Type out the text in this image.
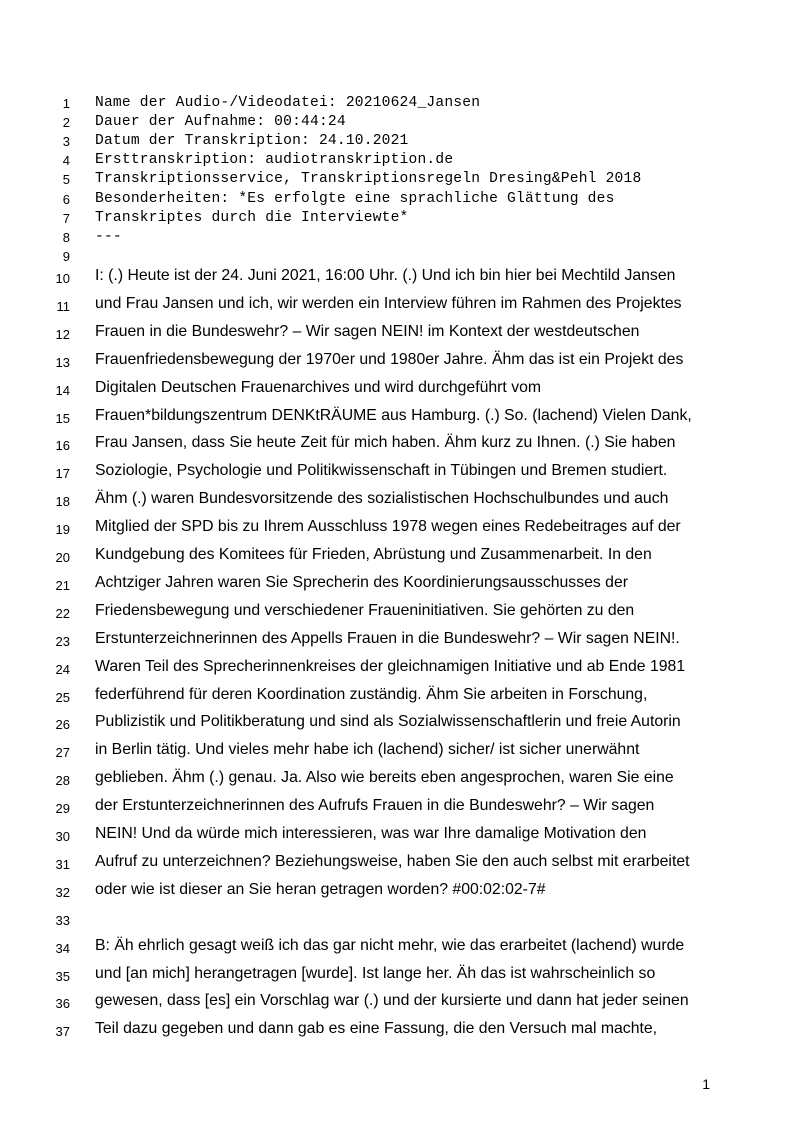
1 Name der Audio-/Videodatei: 20210624_Jansen
2 Dauer der Aufnahme: 00:44:24
3 Datum der Transkription: 24.10.2021
4 Ersttranskription: audiotranskription.de
5 Transkriptionsservice, Transkriptionsregeln Dresing&Pehl 2018
6 Besonderheiten: *Es erfolgte eine sprachliche Glättung des
7 Transkriptes durch die Interviewte*
8 ---
9
10 I: (.) Heute ist der 24. Juni 2021, 16:00 Uhr. (.) Und ich bin hier bei Mechtild Jansen
11 und Frau Jansen und ich, wir werden ein Interview führen im Rahmen des Projektes
12 Frauen in die Bundeswehr? – Wir sagen NEIN! im Kontext der westdeutschen
13 Frauenfriedensbewegung der 1970er und 1980er Jahre. Ähm das ist ein Projekt des
14 Digitalen Deutschen Frauenarchives und wird durchgeführt vom
15 Frauen*bildungszentrum DENKtRÄUME aus Hamburg. (.) So. (lachend) Vielen Dank,
16 Frau Jansen, dass Sie heute Zeit für mich haben. Ähm kurz zu Ihnen. (.) Sie haben
17 Soziologie, Psychologie und Politikwissenschaft in Tübingen und Bremen studiert.
18 Ähm (.) waren Bundesvorsitzende des sozialistischen Hochschulbundes und auch
19 Mitglied der SPD bis zu Ihrem Ausschluss 1978 wegen eines Redebeitrages auf der
20 Kundgebung des Komitees für Frieden, Abrüstung und Zusammenarbeit. In den
21 Achtziger Jahren waren Sie Sprecherin des Koordinierungsausschusses der
22 Friedensbewegung und verschiedener Fraueninitiativen. Sie gehörten zu den
23 Erstunterzeichnerinnen des Appells Frauen in die Bundeswehr? – Wir sagen NEIN!.
24 Waren Teil des Sprecherinnenkreises der gleichnamigen Initiative und ab Ende 1981
25 federführend für deren Koordination zuständig. Ähm Sie arbeiten in Forschung,
26 Publizistik und Politikberatung und sind als Sozialwissenschaftlerin und freie Autorin
27 in Berlin tätig. Und vieles mehr habe ich (lachend) sicher/ ist sicher unerwähnt
28 geblieben. Ähm (.) genau. Ja. Also wie bereits eben angesprochen, waren Sie eine
29 der Erstunterzeichnerinnen des Aufrufs Frauen in die Bundeswehr? – Wir sagen
30 NEIN! Und da würde mich interessieren, was war Ihre damalige Motivation den
31 Aufruf zu unterzeichnen? Beziehungsweise, haben Sie den auch selbst mit erarbeitet
32 oder wie ist dieser an Sie heran getragen worden? #00:02:02-7#
33
34 B: Äh ehrlich gesagt weiß ich das gar nicht mehr, wie das erarbeitet (lachend) wurde
35 und [an mich] herangetragen [wurde]. Ist lange her. Äh das ist wahrscheinlich so
36 gewesen, dass [es] ein Vorschlag war (.) und der kursierte und dann hat jeder seinen
37 Teil dazu gegeben und dann gab es eine Fassung, die den Versuch mal machte,
1
